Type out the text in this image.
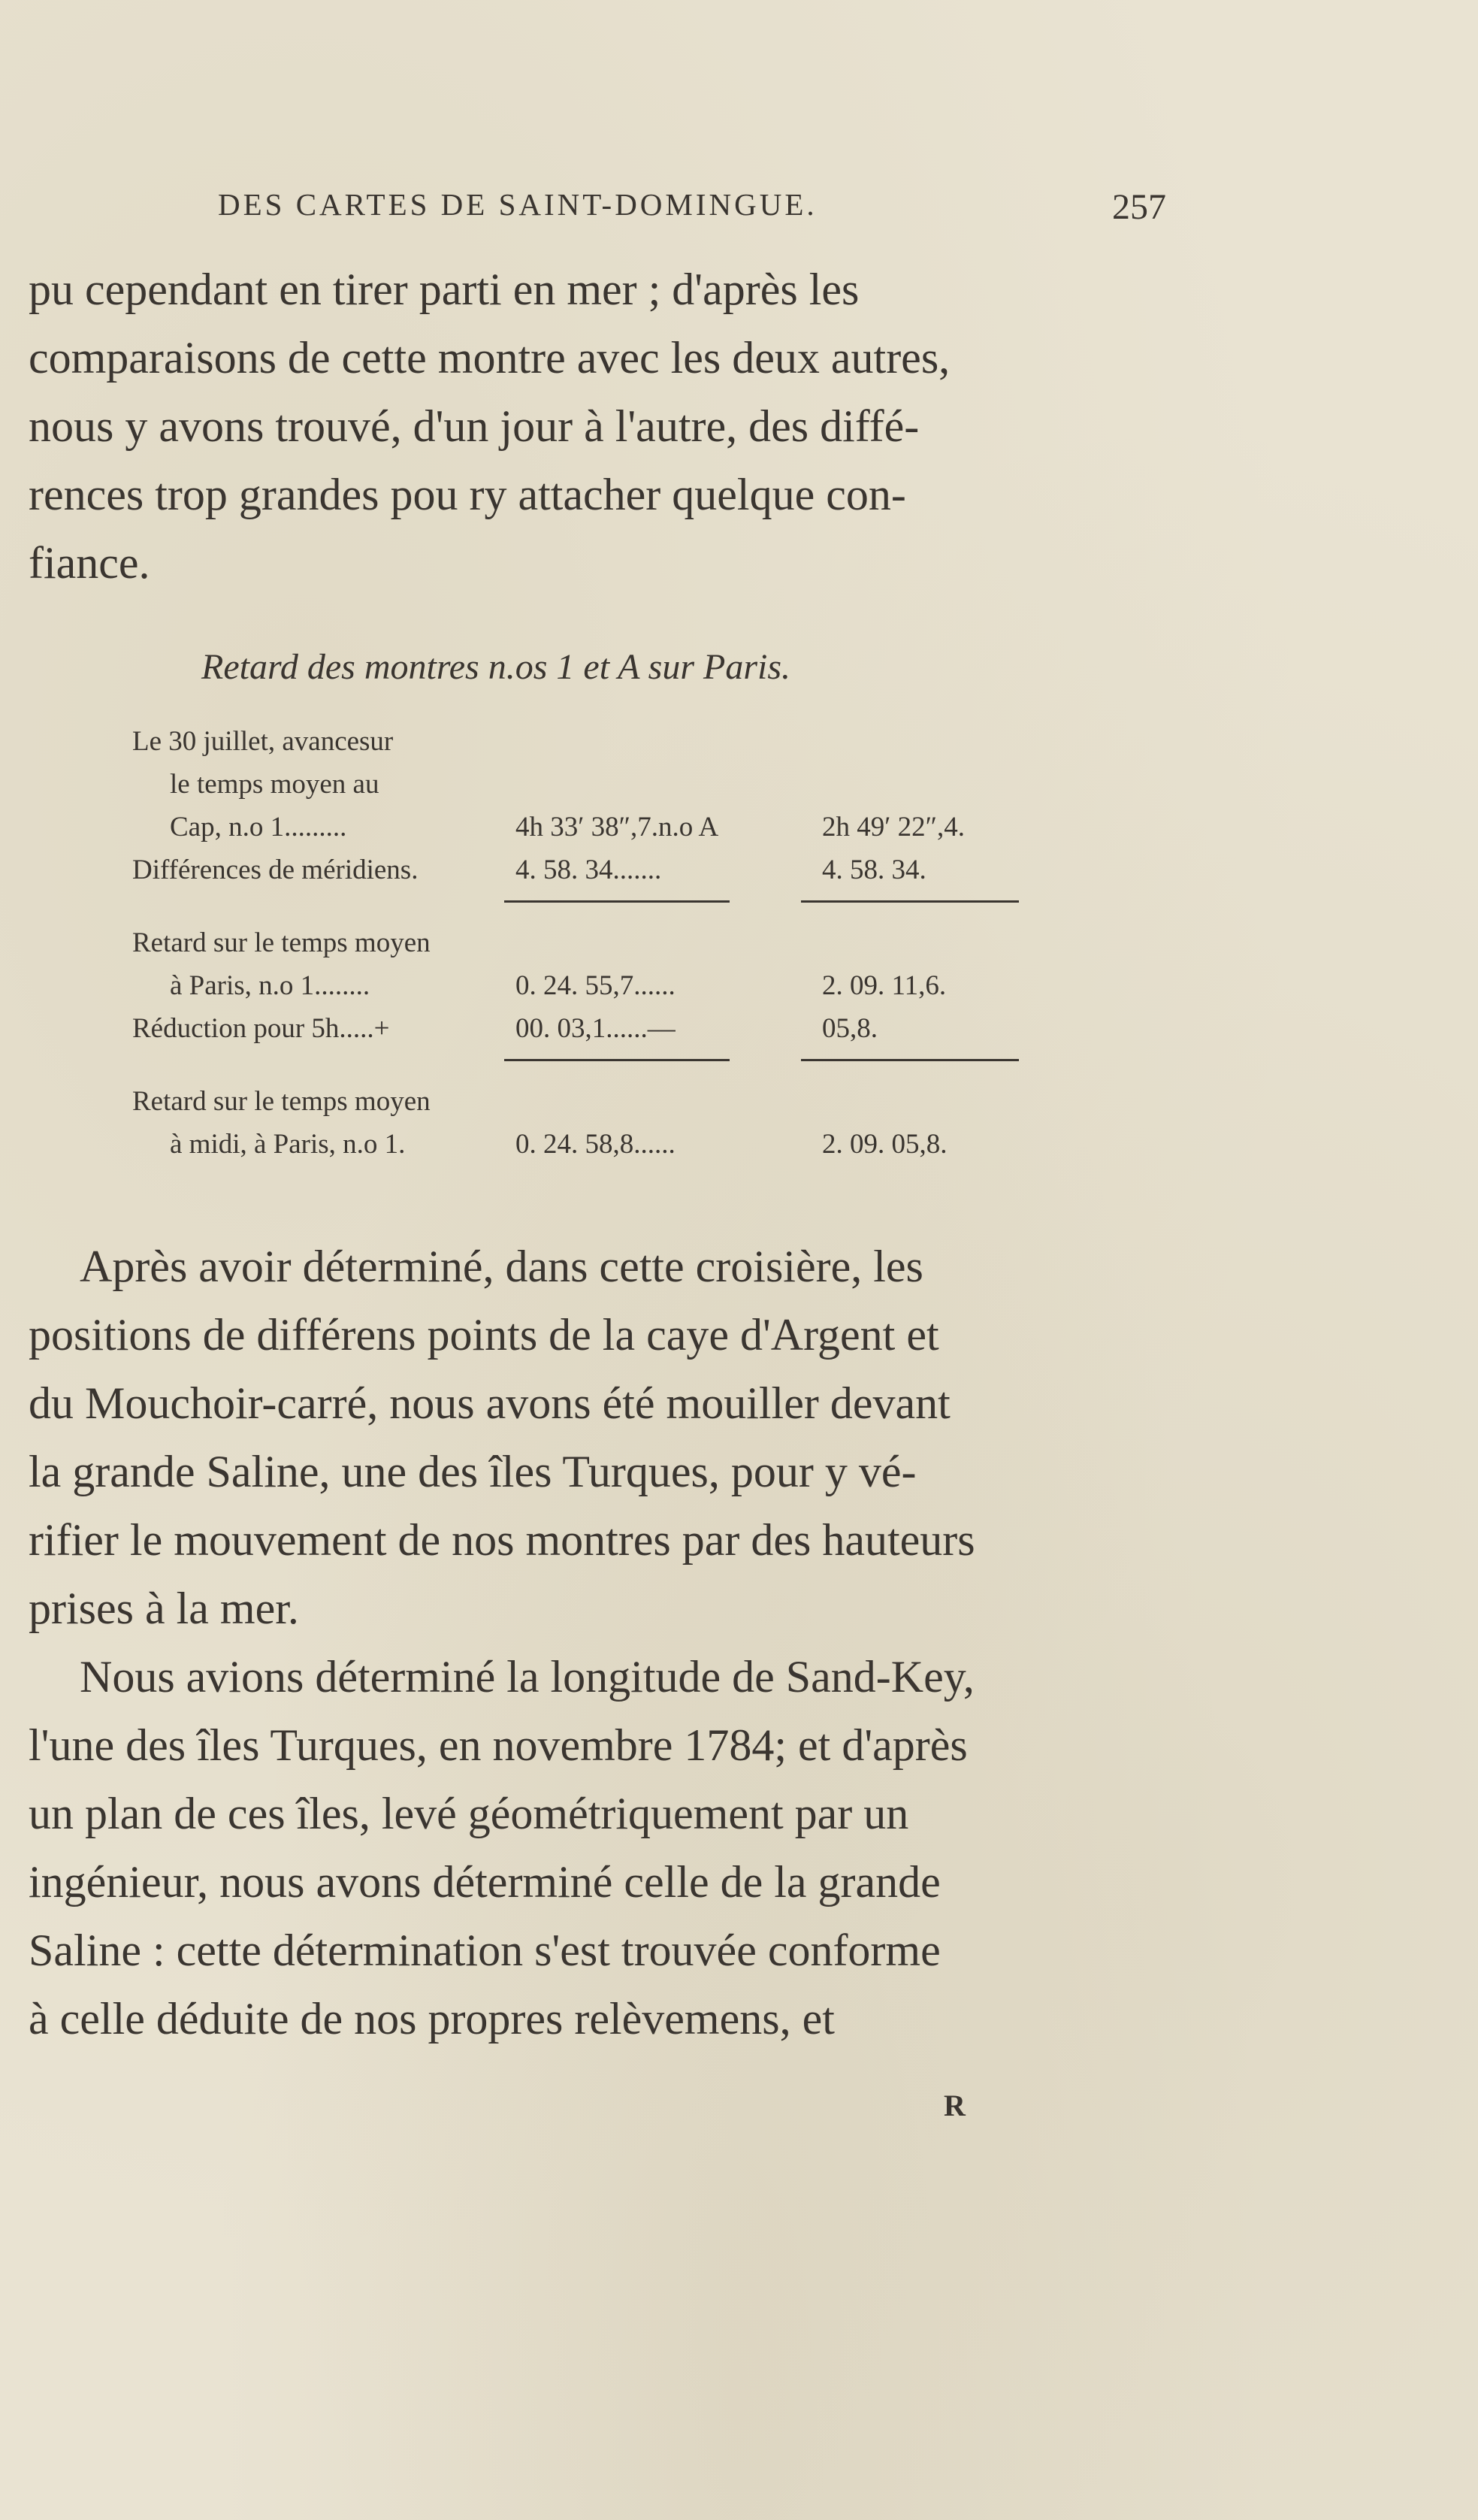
DES CARTES DE SAINT-DOMINGUE.	257
pu cependant en tirer parti en mer ; d'après les
comparaisons de cette montre avec les deux autres,
nous y avons trouvé, d'un jour à l'autre, des diffé-
rences trop grandes pou ry attacher quelque con-
fiance.
Retard des montres n.os 1 et A sur Paris.
Le 30 juillet, avancesur
le temps moyen au
Cap, n.o 1.........	4h 33′ 38″,7.n.o A	2h 49′ 22″,4.
Différences de méridiens.	4. 58. 34.......	4. 58. 34.
Retard sur le temps moyen
à Paris, n.o 1........	0. 24. 55,7......	2. 09. 11,6.
Réduction pour 5h.....+	00. 03,1......—	05,8.
Retard sur le temps moyen
à midi, à Paris, n.o 1.	0. 24. 58,8......	2. 09. 05,8.
Après avoir déterminé, dans cette croisière, les
positions de différens points de la caye d'Argent et
du Mouchoir-carré, nous avons été mouiller devant
la grande Saline, une des îles Turques, pour y vé-
rifier le mouvement de nos montres par des hauteurs
prises à la mer.
Nous avions déterminé la longitude de Sand-Key,
l'une des îles Turques, en novembre 1784; et d'après
un plan de ces îles, levé géométriquement par un
ingénieur, nous avons déterminé celle de la grande
Saline : cette détermination s'est trouvée conforme
à celle déduite de nos propres relèvemens, et
R
